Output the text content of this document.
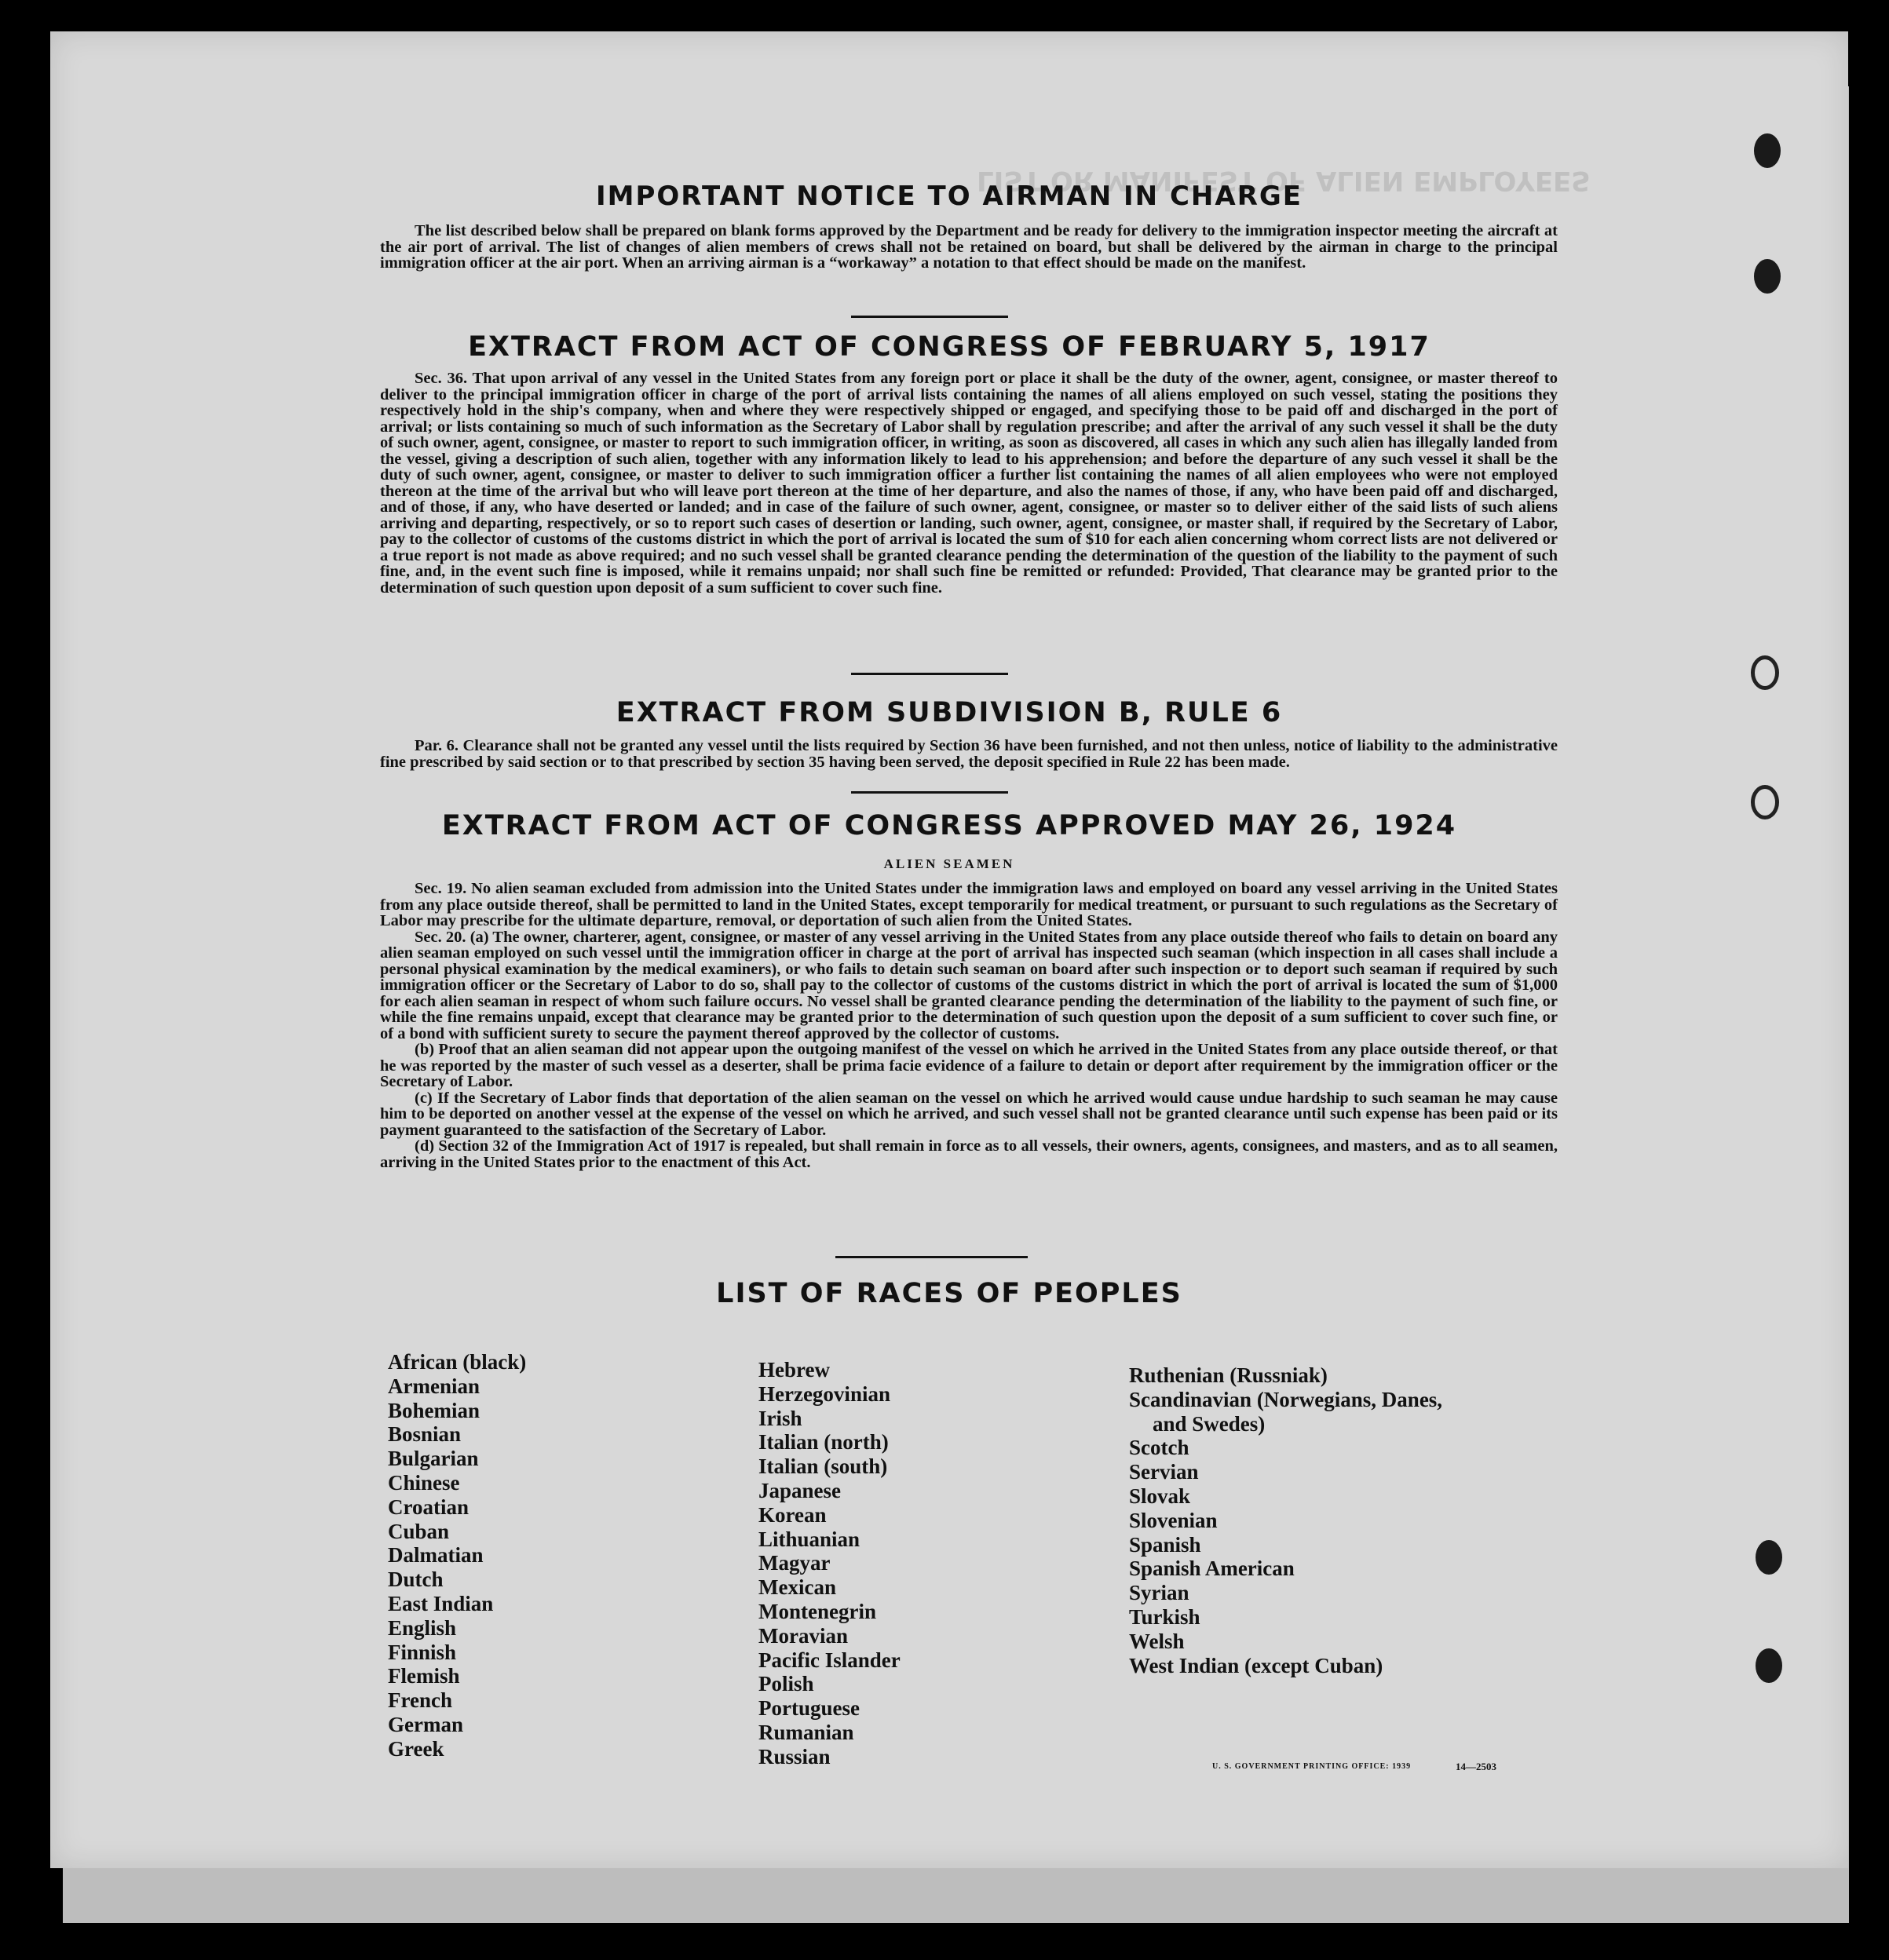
LIST OR MANIFEST OF ALIEN EMPLOYEES
IMPORTANT NOTICE TO AIRMAN IN CHARGE

The list described below shall be prepared on blank forms approved by the Department and be ready for delivery to the immigration inspector meeting the aircraft at the air port of arrival. The list of changes of alien members of crews shall not be retained on board, but shall be delivered by the airman in charge to the principal immigration officer at the air port. When an arriving airman is a “workaway” a notation to that effect should be made on the manifest.

EXTRACT FROM ACT OF CONGRESS OF FEBRUARY 5, 1917

Sec. 36. That upon arrival of any vessel in the United States from any foreign port or place it shall be the duty of the owner, agent, consignee, or master thereof to deliver to the principal immigration officer in charge of the port of arrival lists containing the names of all aliens employed on such vessel, stating the positions they respectively hold in the ship's company, when and where they were respectively shipped or engaged, and specifying those to be paid off and discharged in the port of arrival; or lists containing so much of such information as the Secretary of Labor shall by regulation prescribe; and after the arrival of any such vessel it shall be the duty of such owner, agent, consignee, or master to report to such immigration officer, in writing, as soon as discovered, all cases in which any such alien has illegally landed from the vessel, giving a description of such alien, together with any information likely to lead to his apprehension; and before the departure of any such vessel it shall be the duty of such owner, agent, consignee, or master to deliver to such immigration officer a further list containing the names of all alien employees who were not employed thereon at the time of the arrival but who will leave port thereon at the time of her departure, and also the names of those, if any, who have been paid off and discharged, and of those, if any, who have deserted or landed; and in case of the failure of such owner, agent, consignee, or master so to deliver either of the said lists of such aliens arriving and departing, respectively, or so to report such cases of desertion or landing, such owner, agent, consignee, or master shall, if required by the Secretary of Labor, pay to the collector of customs of the customs district in which the port of arrival is located the sum of $10 for each alien concerning whom correct lists are not delivered or a true report is not made as above required; and no such vessel shall be granted clearance pending the determination of the question of the liability to the payment of such fine, and, in the event such fine is imposed, while it remains unpaid; nor shall such fine be remitted or refunded: Provided, That clearance may be granted prior to the determination of such question upon deposit of a sum sufficient to cover such fine.

EXTRACT FROM SUBDIVISION B, RULE 6

Par. 6. Clearance shall not be granted any vessel until the lists required by Section 36 have been furnished, and not then unless, notice of liability to the administrative fine prescribed by said section or to that prescribed by section 35 having been served, the deposit specified in Rule 22 has been made.

EXTRACT FROM ACT OF CONGRESS APPROVED MAY 26, 1924
ALIEN SEAMEN

Sec. 19. No alien seaman excluded from admission into the United States under the immigration laws and employed on board any vessel arriving in the United States from any place outside thereof, shall be permitted to land in the United States, except temporarily for medical treatment, or pursuant to such regulations as the Secretary of Labor may prescribe for the ultimate departure, removal, or deportation of such alien from the United States.

Sec. 20. (a) The owner, charterer, agent, consignee, or master of any vessel arriving in the United States from any place outside thereof who fails to detain on board any alien seaman employed on such vessel until the immigration officer in charge at the port of arrival has inspected such seaman (which inspection in all cases shall include a personal physical examination by the medical examiners), or who fails to detain such seaman on board after such inspection or to deport such seaman if required by such immigration officer or the Secretary of Labor to do so, shall pay to the collector of customs of the customs district in which the port of arrival is located the sum of $1,000 for each alien seaman in respect of whom such failure occurs. No vessel shall be granted clearance pending the determination of the liability to the payment of such fine, or while the fine remains unpaid, except that clearance may be granted prior to the determination of such question upon the deposit of a sum sufficient to cover such fine, or of a bond with sufficient surety to secure the payment thereof approved by the collector of customs.

(b) Proof that an alien seaman did not appear upon the outgoing manifest of the vessel on which he arrived in the United States from any place outside thereof, or that he was reported by the master of such vessel as a deserter, shall be prima facie evidence of a failure to detain or deport after requirement by the immigration officer or the Secretary of Labor.

(c) If the Secretary of Labor finds that deportation of the alien seaman on the vessel on which he arrived would cause undue hardship to such seaman he may cause him to be deported on another vessel at the expense of the vessel on which he arrived, and such vessel shall not be granted clearance until such expense has been paid or its payment guaranteed to the satisfaction of the Secretary of Labor.

(d) Section 32 of the Immigration Act of 1917 is repealed, but shall remain in force as to all vessels, their owners, agents, consignees, and masters, and as to all seamen, arriving in the United States prior to the enactment of this Act.

LIST OF RACES OF PEOPLES
African (black)
Armenian
Bohemian
Bosnian
Bulgarian
Chinese
Croatian
Cuban
Dalmatian
Dutch
East Indian
English
Finnish
Flemish
French
German
Greek
Hebrew
Herzegovinian
Irish
Italian (north)
Italian (south)
Japanese
Korean
Lithuanian
Magyar
Mexican
Montenegrin
Moravian
Pacific Islander
Polish
Portuguese
Rumanian
Russian
Ruthenian (Russniak)
Scandinavian (Norwegians, Danes,
and Swedes)
Scotch
Servian
Slovak
Slovenian
Spanish
Spanish American
Syrian
Turkish
Welsh
West Indian (except Cuban)
U. S. GOVERNMENT PRINTING OFFICE: 1939	14—2503
